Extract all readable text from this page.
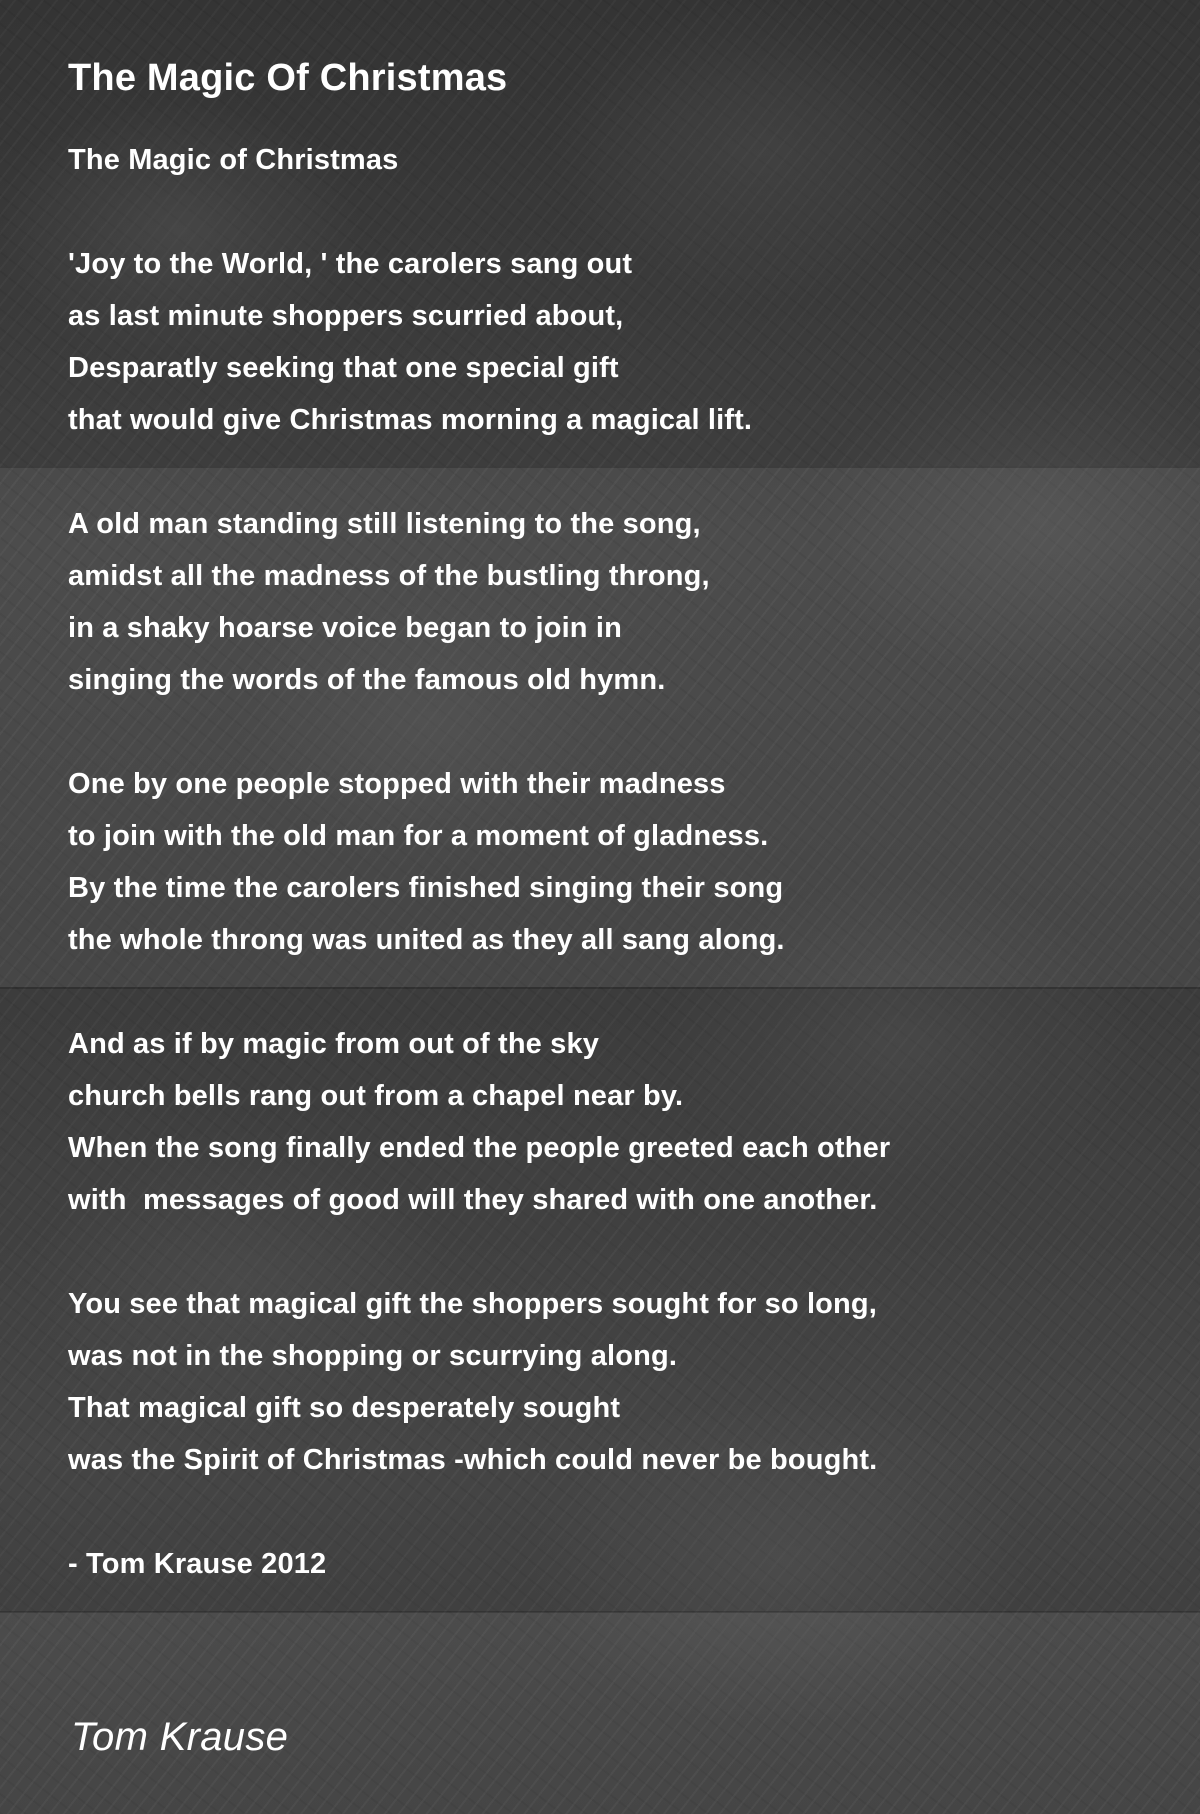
The Magic Of Christmas
The Magic of Christmas
'Joy to the World, ' the carolers sang out
as last minute shoppers scurried about,
Desparatly seeking that one special gift
that would give Christmas morning a magical lift.
A old man standing still listening to the song,
amidst all the madness of the bustling throng,
in a shaky hoarse voice began to join in
singing the words of the famous old hymn.
One by one people stopped with their madness
to join with the old man for a moment of gladness.
By the time the carolers finished singing their song
the whole throng was united as they all sang along.
And as if by magic from out of the sky
church bells rang out from a chapel near by.
When the song finally ended the people greeted each other
with  messages of good will they shared with one another.
You see that magical gift the shoppers sought for so long,
was not in the shopping or scurrying along.
That magical gift so desperately sought
was the Spirit of Christmas -which could never be bought.
- Tom Krause 2012

Tom Krause
